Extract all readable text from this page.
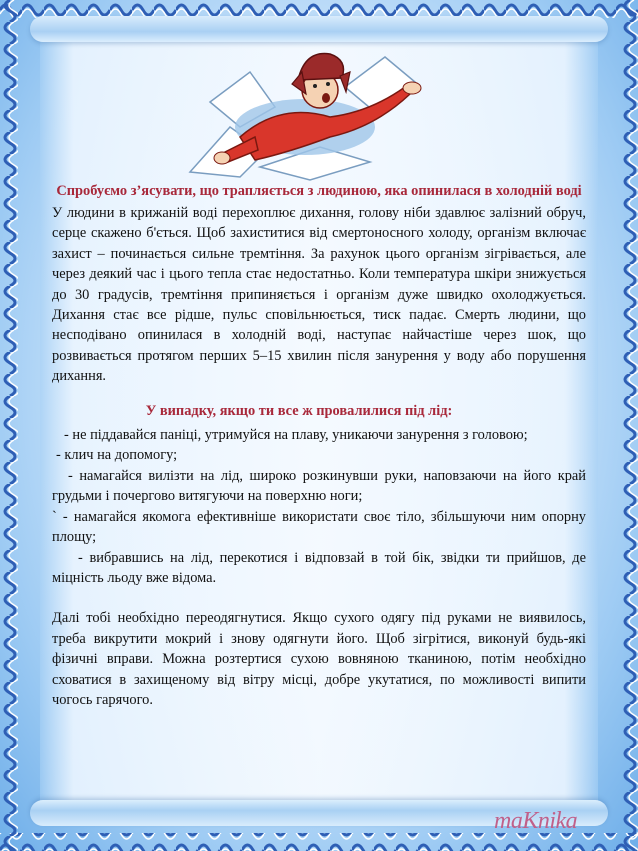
Спробуємо з’ясувати, що трапляється з людиною, яка опинилася в холодній воді

У людини в крижаній воді перехоплює дихання, голову ніби здавлює залізний обруч, серце скажено б'ється. Щоб захиститися від смертоносного холоду, організм включає захист – починається сильне тремтіння. За рахунок цього організм зігрівається, але через деякий час і цього тепла стає недостатньо. Коли температура шкіри знижується до 30 градусів, тремтіння припиняється і організм дуже швидко охолоджується. Дихання стає все рідше, пульс сповільнюється, тиск падає. Смерть людини, що несподівано опинилася в холодній воді, наступає найчастіше через шок, що розвивається протягом перших 5–15 хвилин після занурення у воду або порушення дихання.

У випадку, якщо ти все ж провалилися під лід:

- не піддавайся паніці, утримуйся на плаву, уникаючи занурення з головою;

- клич на допомогу;

- намагайся вилізти на лід, широко розкинувши руки, наповзаючи на його край грудьми і почергово витягуючи на поверхню ноги;

` - намагайся якомога ефективніше використати своє тіло, збільшуючи ним опорну площу;

- вибравшись на лід, перекотися і відповзай в той бік, звідки ти прийшов, де міцність льоду вже відома.

Далі тобі необхідно переодягнутися. Якщо сухого одягу під руками не виявилось, треба викрутити мокрий і знову одягнути його. Щоб зігрітися, виконуй будь-які фізичні вправи. Можна розтертися сухою вовняною тканиною, потім необхідно сховатися в захищеному від вітру місці, добре укутатися, по можливості випити чогось гарячого.

maKnika
